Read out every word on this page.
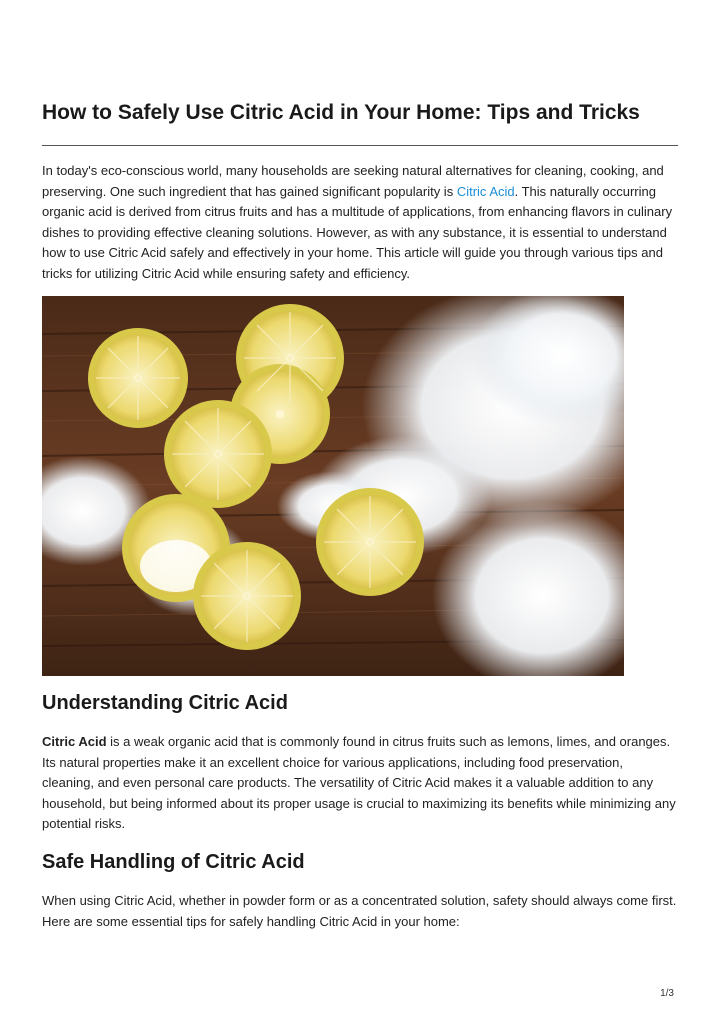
How to Safely Use Citric Acid in Your Home: Tips and Tricks

In today's eco-conscious world, many households are seeking natural alternatives for cleaning, cooking, and preserving. One such ingredient that has gained significant popularity is Citric Acid. This naturally occurring organic acid is derived from citrus fruits and has a multitude of applications, from enhancing flavors in culinary dishes to providing effective cleaning solutions. However, as with any substance, it is essential to understand how to use Citric Acid safely and effectively in your home. This article will guide you through various tips and tricks for utilizing Citric Acid while ensuring safety and efficiency.

Understanding Citric Acid

Citric Acid is a weak organic acid that is commonly found in citrus fruits such as lemons, limes, and oranges. Its natural properties make it an excellent choice for various applications, including food preservation, cleaning, and even personal care products. The versatility of Citric Acid makes it a valuable addition to any household, but being informed about its proper usage is crucial to maximizing its benefits while minimizing any potential risks.

Safe Handling of Citric Acid

When using Citric Acid, whether in powder form or as a concentrated solution, safety should always come first. Here are some essential tips for safely handling Citric Acid in your home:

1/3
